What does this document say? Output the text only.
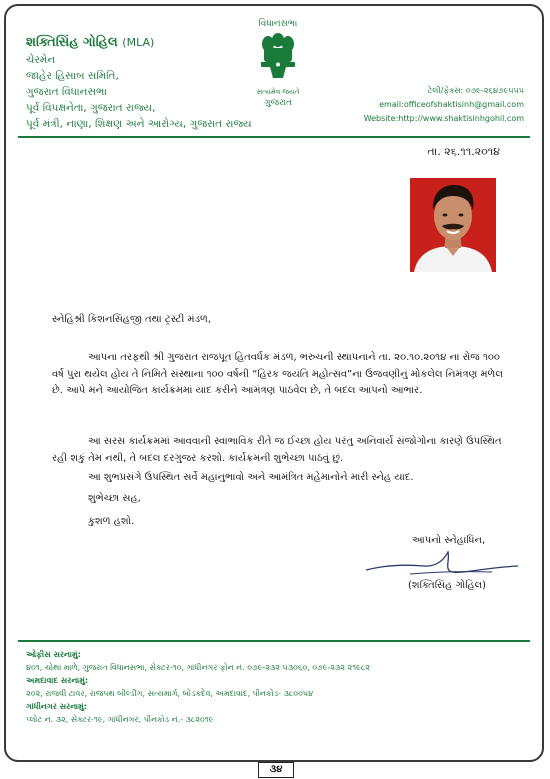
શક્તિસિંહ ગોહિલ (MLA)
ચેરમેન
જાહેર હિસાબ સમિતિ,
ગુજરાત વિધાનસભા
પૂર્વ વિપક્ષનેતા, ગુજરાત રાજ્ય,
પૂર્વ મંત્રી, નાણા, શિક્ષણ અને આરોગ્ય, ગુજરાત રાજ્ય
વિધાનસભા
સત્યમેવ જયતે
ગુજરાત
ટેલી/ફેક્સ: ૦૭૯-૨૬૪૭૯૫૫૫
email:officeofshaktisinh@gmail.com
Website:http://www.shaktisinhgohil.com
તા. ૨૬.૧૧.૨૦૧૪
સ્નેહિશ્રી કિશનસિંહજી તથા ટ્રસ્ટી મંડળ,
આપના તરફથી શ્રી ગુજરાત રાજપૂત હિતવર્ધક મંડળ, ભરુચની સ્થાપનાને તા. ૨૦.૧૦.૨૦૧૪ ના રોજ ૧૦૦ વર્ષ પુરા થયેલ હોય તે નિમિતે સંસ્થાના ૧૦૦ વર્ષની “હિરક જયંતિ મહોત્સવ”ના ઉજવણીનું મોકલેલ નિમંત્રણ મળેલ છે. આપે મને આયોજિત કાર્યક્રમમાં યાદ કરીને આમંત્રણ પાઠવેલ છે, તે બદલ આપનો આભાર.
આ સરસ કાર્યક્રમમાં આવવાની સ્વાભાવિક રીતે જ ઈચ્છા હોય પરંતુ અનિવાર્ય સંજોગોના કારણે ઉપસ્થિત રહી શકું તેમ નથી, તે બદલ દરગુજર કરશો. કાર્યક્રમની શુભેચ્છા પાઠવું છું.
આ શુભપ્રસંગે ઉપસ્થિત સર્વે મહાનુભાવો અને આમંત્રિત મહેમાનોને મારી સ્નેહ યાદ.
શુભેચ્છા સહ,
કુશળ હશો.
આપનો સ્નેહાધિન,
(શક્તિસિંહ ગોહિલ)
ઓફીસ સરનામું:
૪૦૧, ચોથા માળે, ગુજરાત વિધાનસભા, સેક્ટર-૧૦, ગાંધીનગર ફોન નં. ૦૭૯-૨૩૨ ૫૩૦૬૦, ૦૭૯-૨૩૨ ૨૧૯૮૨
અમદાવાદ સરનામું:
૨૦૨, રાજવી ટાવર, રાજપથ બીલ્ડીંગ, સત્યમાર્ગ, બોડકદેવ, અમદાવાદ, પીનકોડ- ૩૮૦૦૫૪
ગાંધીનગર સરનામું:
પ્લોટ નં. ૩૨, સેક્ટર-૧૯, ગાંધીનગર, પીનકોડ નં.- ૩૮૨૦૧૯
૩૪
